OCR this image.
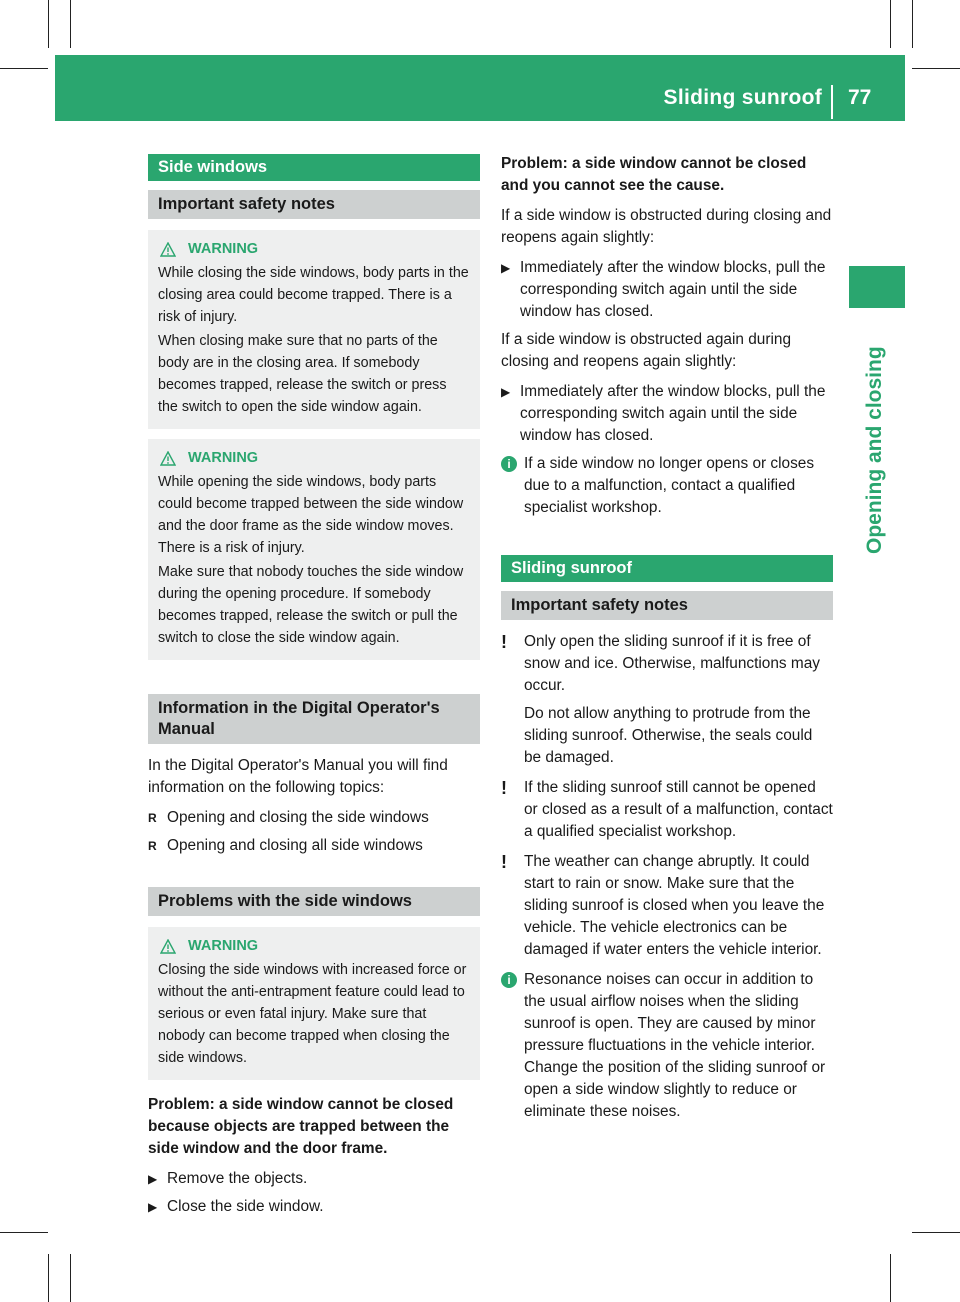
Sliding sunroof 77
Opening and closing
Side windows
Important safety notes
WARNING

While closing the side windows, body parts in the closing area could become trapped. There is a risk of injury.

When closing make sure that no parts of the body are in the closing area. If somebody becomes trapped, release the switch or press the switch to open the side window again.

WARNING

While opening the side windows, body parts could become trapped between the side window and the door frame as the side window moves. There is a risk of injury.

Make sure that nobody touches the side window during the opening procedure. If somebody becomes trapped, release the switch or pull the switch to close the side window again.

Information in the Digital Operator's Manual

In the Digital Operator's Manual you will find information on the following topics:

R Opening and closing the side windows
R Opening and closing all side windows
Problems with the side windows
WARNING

Closing the side windows with increased force or without the anti-entrapment feature could lead to serious or even fatal injury. Make sure that nobody can become trapped when closing the side windows.

Problem: a side window cannot be closed because objects are trapped between the side window and the door frame.

▶ Remove the objects.
▶ Close the side window.

Problem: a side window cannot be closed and you cannot see the cause.

If a side window is obstructed during closing and reopens again slightly:

▶ Immediately after the window blocks, pull the corresponding switch again until the side window has closed.

If a side window is obstructed again during closing and reopens again slightly:

▶ Immediately after the window blocks, pull the corresponding switch again until the side window has closed.
i If a side window no longer opens or closes due to a malfunction, contact a qualified specialist workshop.
Sliding sunroof
Important safety notes
! Only open the sliding sunroof if it is free of snow and ice. Otherwise, malfunctions may occur.
Do not allow anything to protrude from the sliding sunroof. Otherwise, the seals could be damaged.
! If the sliding sunroof still cannot be opened or closed as a result of a malfunction, contact a qualified specialist workshop.
! The weather can change abruptly. It could start to rain or snow. Make sure that the sliding sunroof is closed when you leave the vehicle. The vehicle electronics can be damaged if water enters the vehicle interior.
i Resonance noises can occur in addition to the usual airflow noises when the sliding sunroof is open. They are caused by minor pressure fluctuations in the vehicle interior. Change the position of the sliding sunroof or open a side window slightly to reduce or eliminate these noises.
